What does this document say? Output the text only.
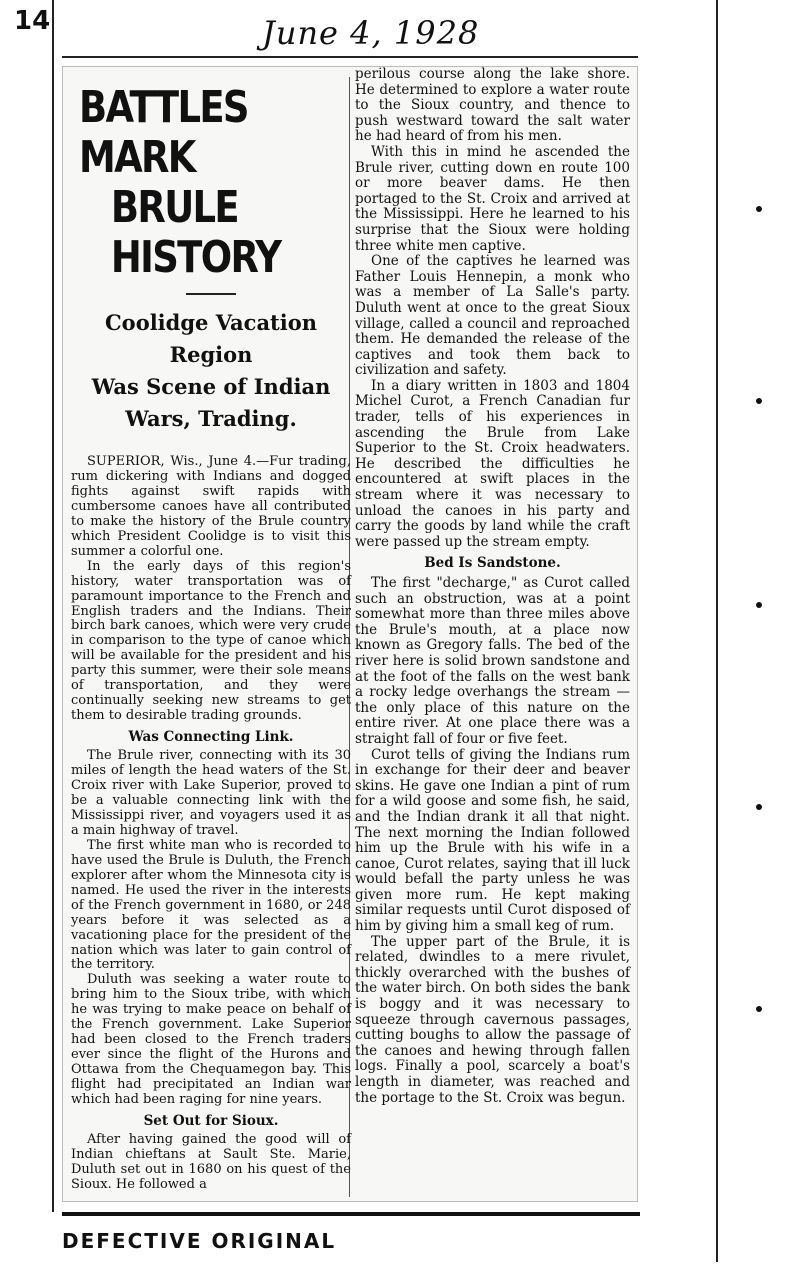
14	June 4, 1928
BATTLES MARK
BRULE HISTORY
Coolidge Vacation Region
Was Scene of Indian
Wars, Trading.

SUPERIOR, Wis., June 4.—Fur trading, rum dickering with Indians and dogged fights against swift rapids with cumbersome canoes have all contributed to make the history of the Brule country which President Coolidge is to visit this summer a colorful one.

In the early days of this region's history, water transportation was of paramount importance to the French and English traders and the Indians. Their birch bark canoes, which were very crude in comparison to the type of canoe which will be available for the president and his party this summer, were their sole means of transportation, and they were continually seeking new streams to get them to desirable trading grounds.

Was Connecting Link.

The Brule river, connecting with its 30 miles of length the head waters of the St. Croix river with Lake Superior, proved to be a valuable connecting link with the Mississippi river, and voyagers used it as a main highway of travel.

The first white man who is recorded to have used the Brule is Duluth, the French explorer after whom the Minnesota city is named. He used the river in the interests of the French government in 1680, or 248 years before it was selected as a vacationing place for the president of the nation which was later to gain control of the territory.

Duluth was seeking a water route to bring him to the Sioux tribe, with which he was trying to make peace on behalf of the French government. Lake Superior had been closed to the French traders ever since the flight of the Hurons and Ottawa from the Chequamegon bay. This flight had precipitated an Indian war which had been raging for nine years.

Set Out for Sioux.

After having gained the good will of Indian chieftans at Sault Ste. Marie, Duluth set out in 1680 on his quest of the Sioux. He followed a

perilous course along the lake shore. He determined to explore a water route to the Sioux country, and thence to push westward toward the salt water he had heard of from his men.

With this in mind he ascended the Brule river, cutting down en route 100 or more beaver dams. He then portaged to the St. Croix and arrived at the Mississippi. Here he learned to his surprise that the Sioux were holding three white men captive.

One of the captives he learned was Father Louis Hennepin, a monk who was a member of La Salle's party. Duluth went at once to the great Sioux village, called a council and reproached them. He demanded the release of the captives and took them back to civilization and safety.

In a diary written in 1803 and 1804 Michel Curot, a French Canadian fur trader, tells of his experiences in ascending the Brule from Lake Superior to the St. Croix headwaters. He described the difficulties he encountered at swift places in the stream where it was necessary to unload the canoes in his party and carry the goods by land while the craft were passed up the stream empty.

Bed Is Sandstone.

The first "decharge," as Curot called such an obstruction, was at a point somewhat more than three miles above the Brule's mouth, at a place now known as Gregory falls. The bed of the river here is solid brown sandstone and at the foot of the falls on the west bank a rocky ledge overhangs the stream — the only place of this nature on the entire river. At one place there was a straight fall of four or five feet.

Curot tells of giving the Indians rum in exchange for their deer and beaver skins. He gave one Indian a pint of rum for a wild goose and some fish, he said, and the Indian drank it all that night. The next morning the Indian followed him up the Brule with his wife in a canoe, Curot relates, saying that ill luck would befall the party unless he was given more rum. He kept making similar requests until Curot disposed of him by giving him a small keg of rum.

The upper part of the Brule, it is related, dwindles to a mere rivulet, thickly overarched with the bushes of the water birch. On both sides the bank is boggy and it was necessary to squeeze through cavernous passages, cutting boughs to allow the passage of the canoes and hewing through fallen logs. Finally a pool, scarcely a boat's length in diameter, was reached and the portage to the St. Croix was begun.

DEFECTIVE ORIGINAL
